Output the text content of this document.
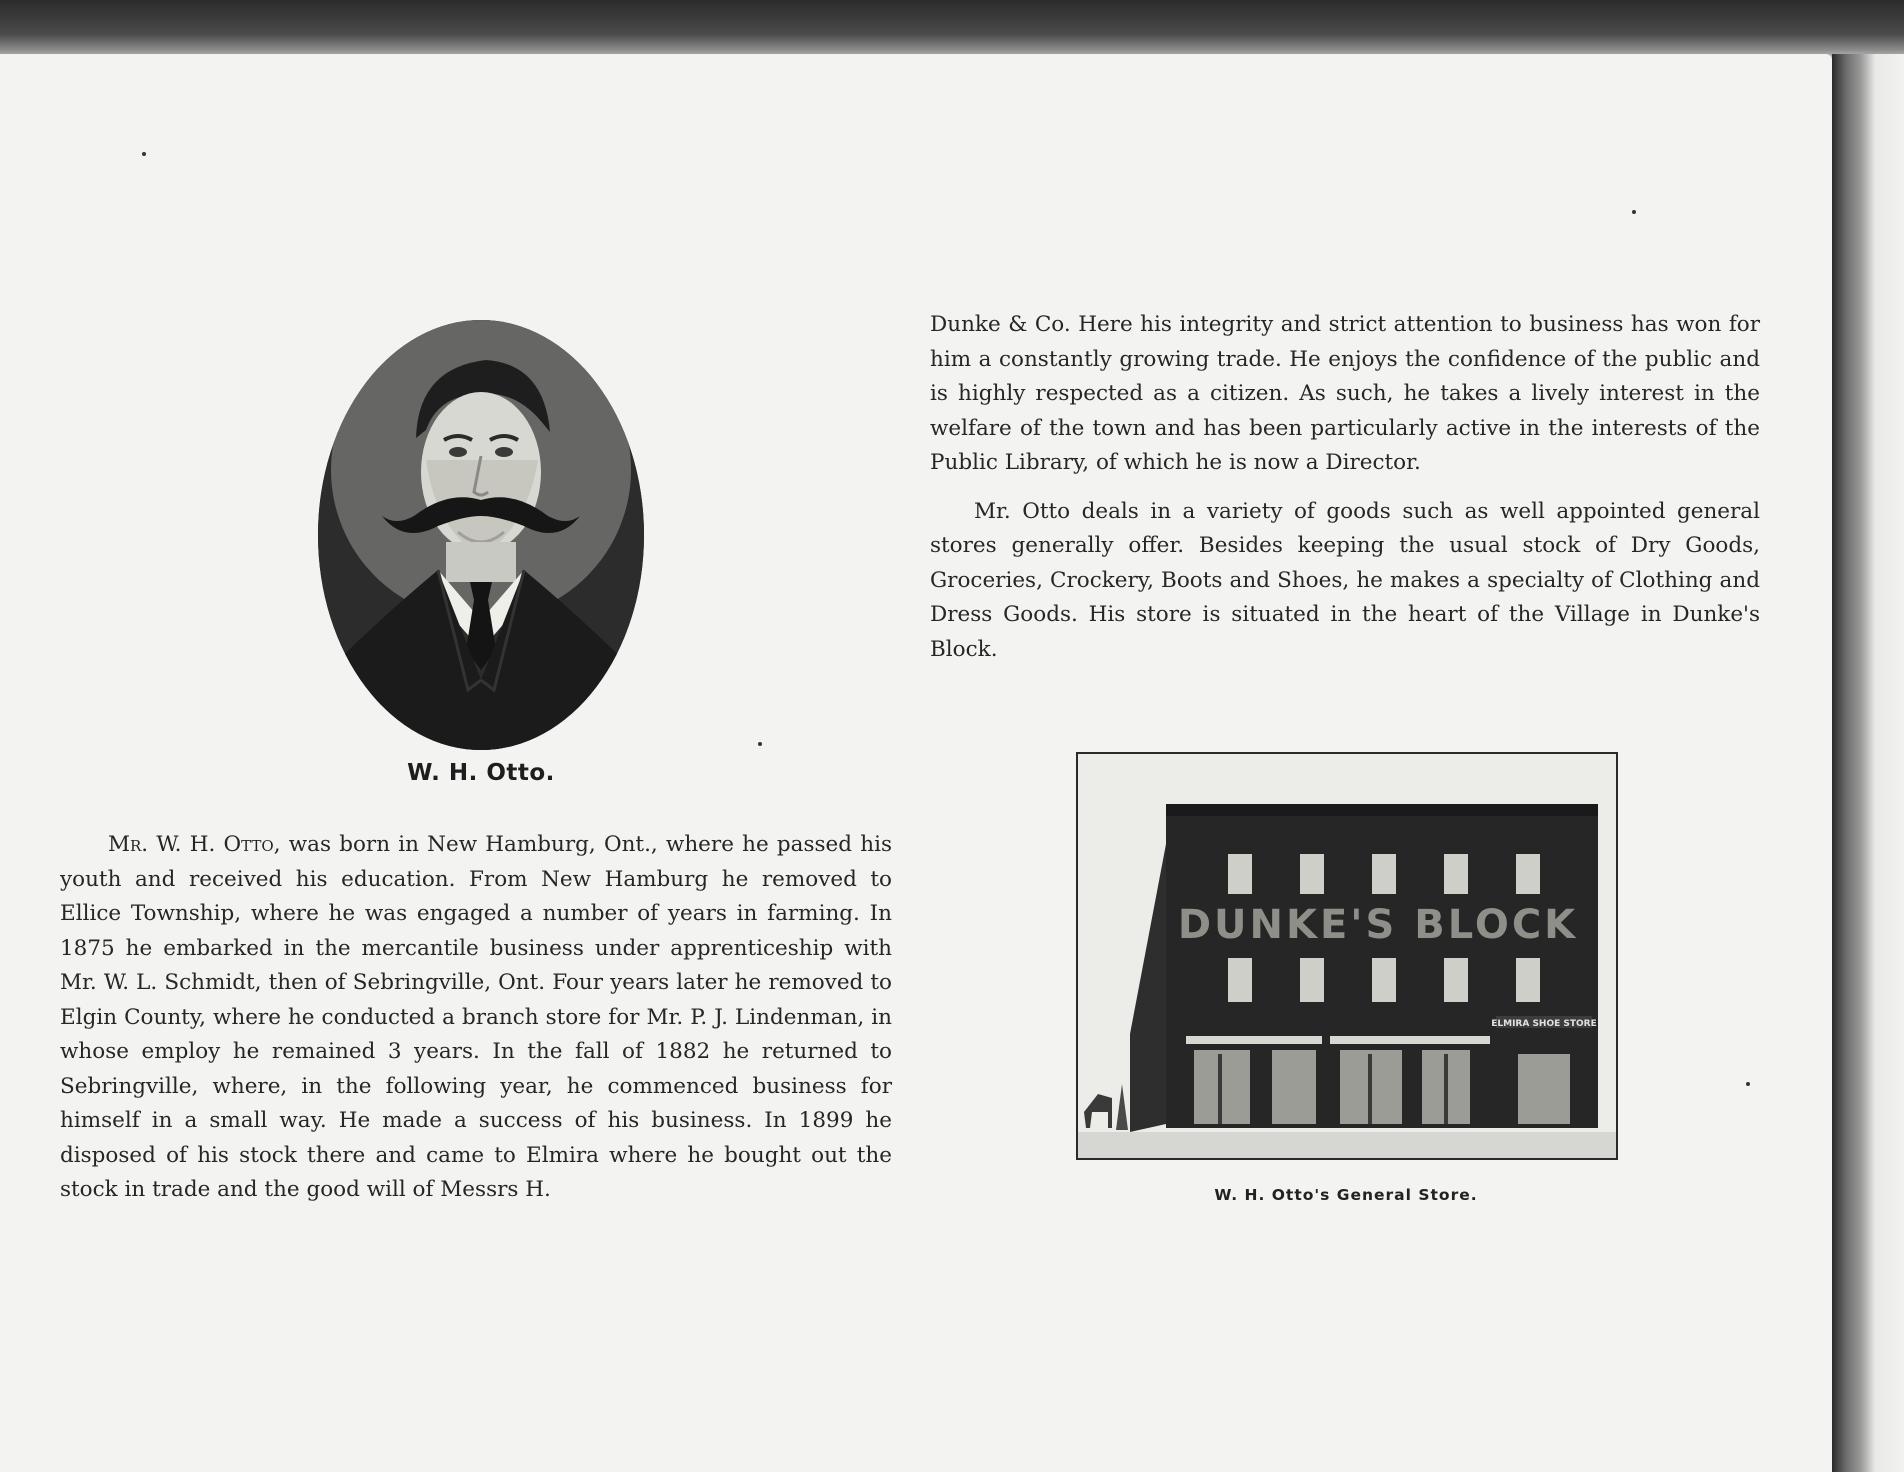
W. H. Otto.

Mr. W. H. Otto, was born in New Hamburg, Ont., where he passed his youth and received his education. From New Hamburg he removed to Ellice Township, where he was engaged a number of years in farming. In 1875 he embarked in the mercantile business under apprenticeship with Mr. W. L. Schmidt, then of Sebringville, Ont. Four years later he removed to Elgin County, where he conducted a branch store for Mr. P. J. Lindenman, in whose employ he remained 3 years. In the fall of 1882 he returned to Sebringville, where, in the following year, he commenced business for himself in a small way. He made a success of his business. In 1899 he disposed of his stock there and came to Elmira where he bought out the stock in trade and the good will of Messrs H.

Dunke & Co. Here his integrity and strict attention to business has won for him a constantly growing trade. He enjoys the confidence of the public and is highly respected as a citizen. As such, he takes a lively interest in the welfare of the town and has been particularly active in the interests of the Public Library, of which he is now a Director.

Mr. Otto deals in a variety of goods such as well appointed general stores generally offer. Besides keeping the usual stock of Dry Goods, Groceries, Crockery, Boots and Shoes, he makes a specialty of Clothing and Dress Goods. His store is situated in the heart of the Village in Dunke's Block.

DUNKE'S BLOCK
ELMIRA SHOE STORE
W. H. Otto's General Store.
